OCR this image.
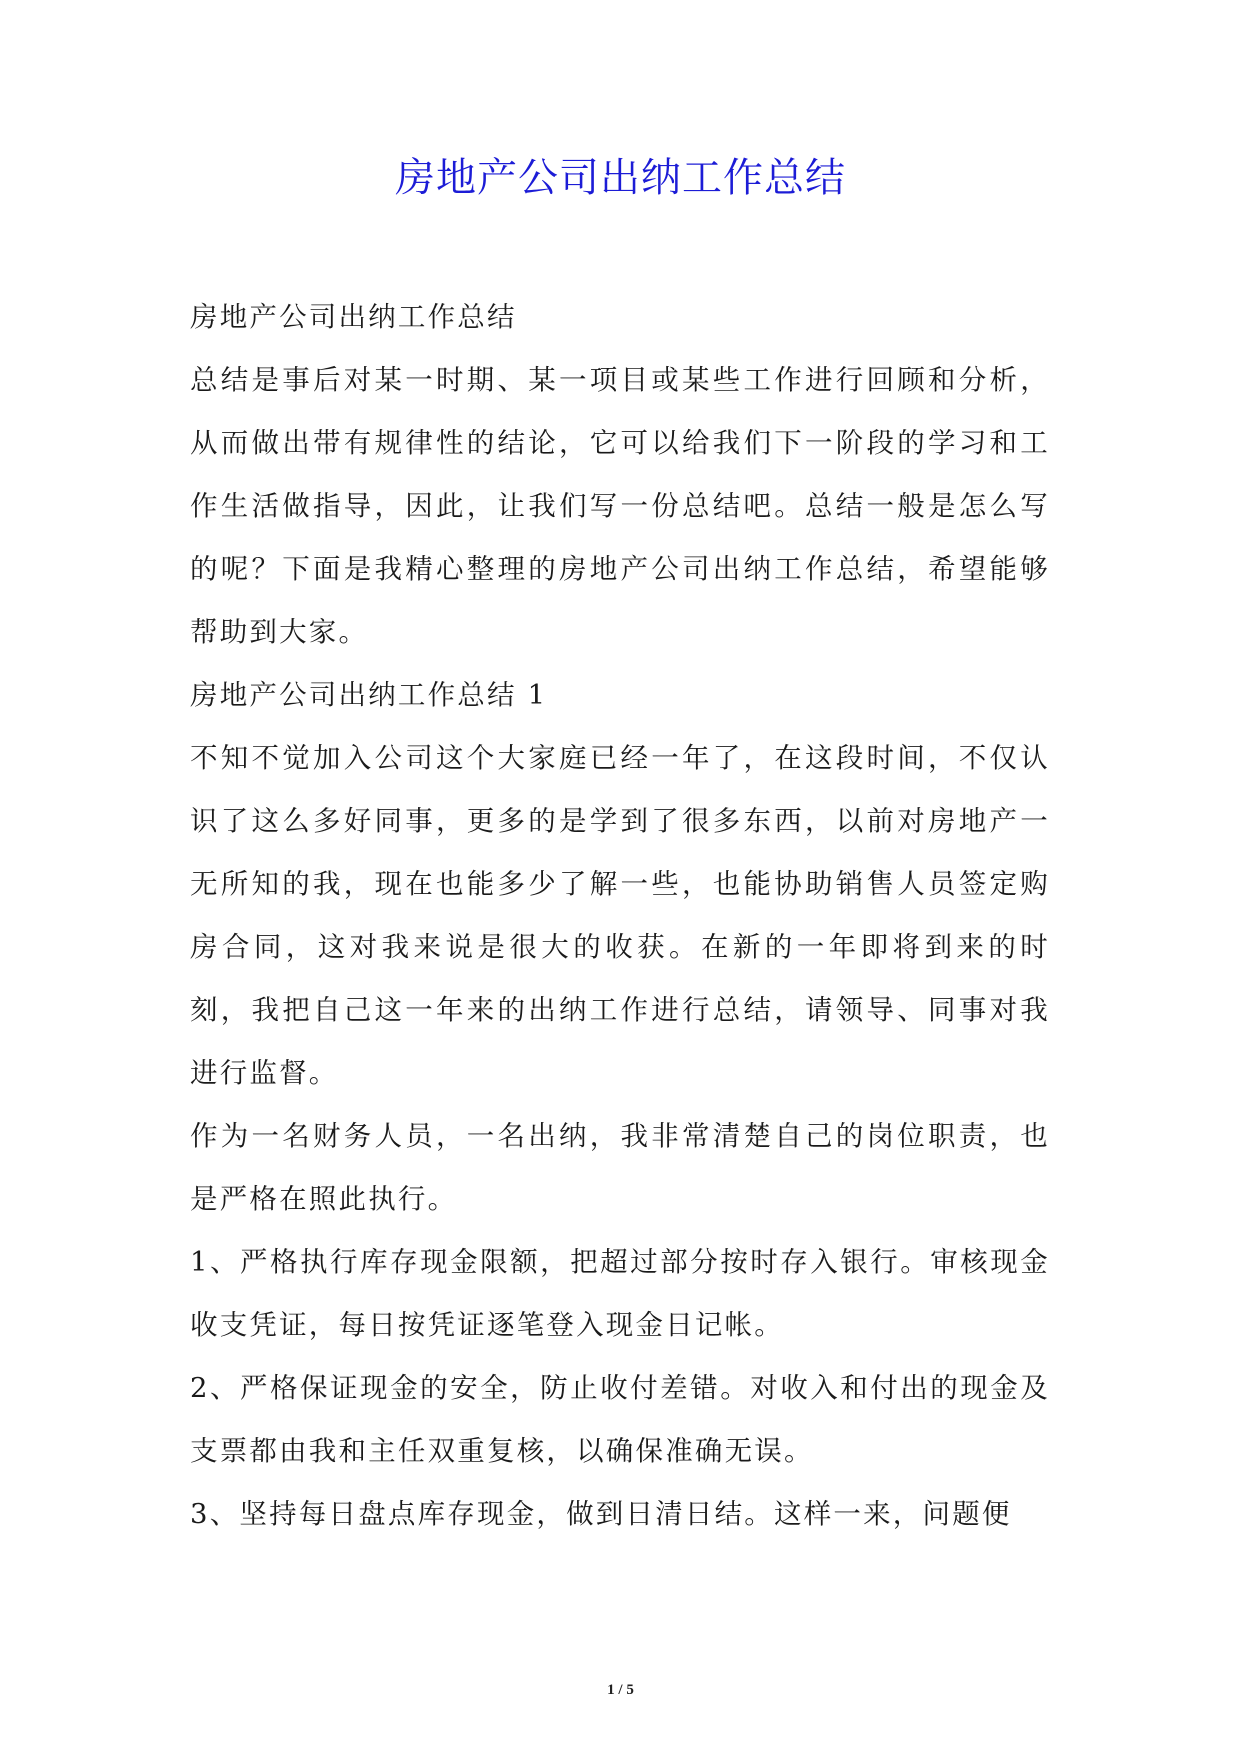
房地产公司出纳工作总结

房地产公司出纳工作总结

总结是事后对某一时期、某一项目或某些工作进行回顾和分析，从而做出带有规律性的结论，它可以给我们下一阶段的学习和工作生活做指导，因此，让我们写一份总结吧。总结一般是怎么写的呢？下面是我精心整理的房地产公司出纳工作总结，希望能够帮助到大家。

房地产公司出纳工作总结 1

不知不觉加入公司这个大家庭已经一年了，在这段时间，不仅认识了这么多好同事，更多的是学到了很多东西，以前对房地产一无所知的我，现在也能多少了解一些，也能协助销售人员签定购房合同，这对我来说是很大的收获。在新的一年即将到来的时刻，我把自己这一年来的出纳工作进行总结，请领导、同事对我进行监督。

作为一名财务人员，一名出纳，我非常清楚自己的岗位职责，也是严格在照此执行。

1、严格执行库存现金限额，把超过部分按时存入银行。审核现金收支凭证，每日按凭证逐笔登入现金日记帐。

2、严格保证现金的安全，防止收付差错。对收入和付出的现金及支票都由我和主任双重复核，以确保准确无误。

3、坚持每日盘点库存现金，做到日清日结。这样一来，问题便

1 / 5
